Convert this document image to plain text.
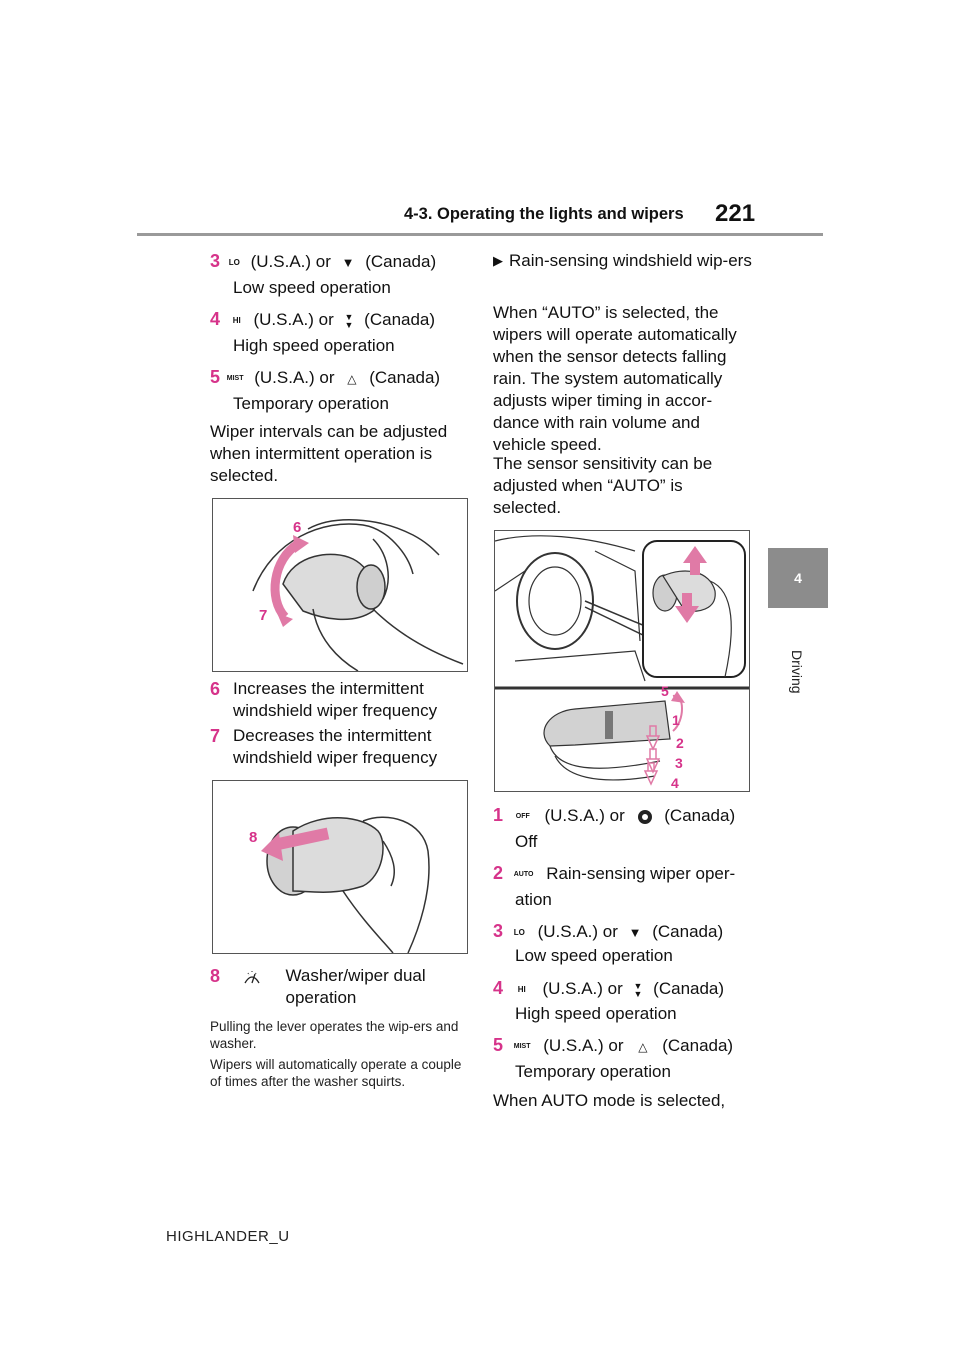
4-3. Operating the lights and wipers 221
4
Driving
3 LO (U.S.A.) or ▼ (Canada)
Low speed operation
4 HI (U.S.A.) or ▼
▼ (Canada)
High speed operation
5 MIST (U.S.A.) or △ (Canada)
Temporary operation
Wiper intervals can be adjusted when intermittent operation is selected.
6
7
6 Increases the intermittent windshield wiper frequency
7 Decreases the intermittent windshield wiper frequency
8
8	Washer/wiper dual operation
Pulling the lever operates the wip-ers and washer.
Wipers will automatically operate a couple of times after the washer squirts.
▶ Rain-sensing windshield wip-ers
When “AUTO” is selected, the wipers will operate automatically when the sensor detects falling rain. The system automatically adjusts wiper timing in accor-dance with rain volume and vehicle speed.
The sensor sensitivity can be adjusted when “AUTO” is selected.
5
1
2
3
4
1 OFF (U.S.A.) or (Canada)
Off
2 AUTO Rain-sensing wiper oper-
ation
3 LO (U.S.A.) or ▼ (Canada)
Low speed operation
4 HI (U.S.A.) or ▼
▼ (Canada)
High speed operation
5 MIST (U.S.A.) or △ (Canada)
Temporary operation
When AUTO mode is selected,
HIGHLANDER_U
